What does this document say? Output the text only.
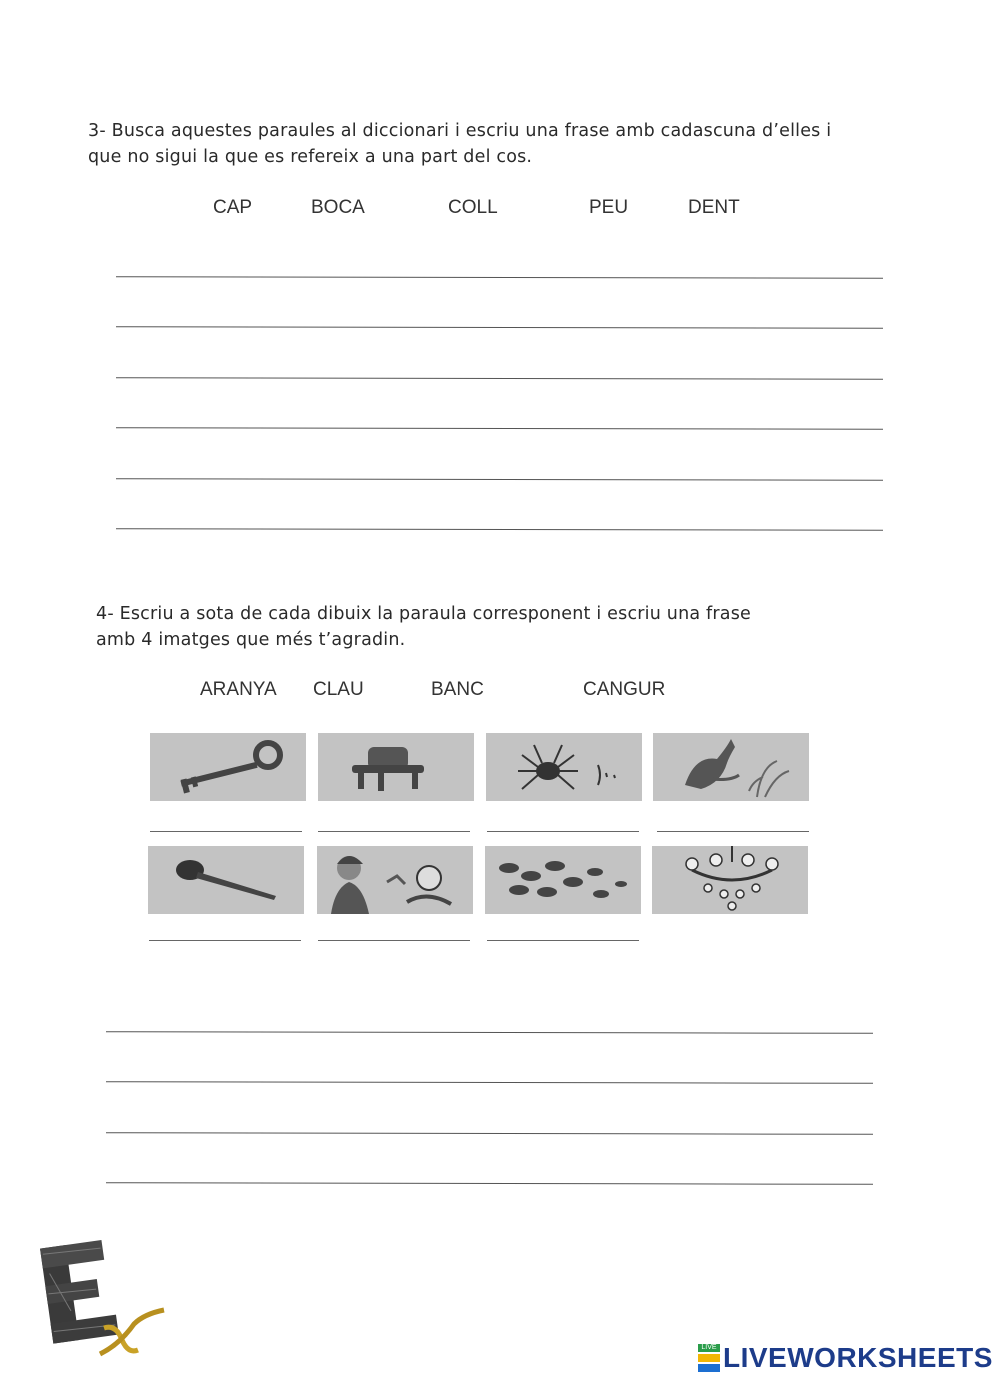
3- Busca aquestes paraules al diccionari i escriu una frase amb cadascuna d’elles i
que no sigui la que es refereix a una part del cos.
CAP	BOCA	COLL	PEU	DENT
4- Escriu a sota de cada dibuix la paraula corresponent i escriu una frase
amb 4 imatges que més t’agradin.
ARANYA CLAU	BANC	CANGUR
LIVE LIVEWORKSHEETS
